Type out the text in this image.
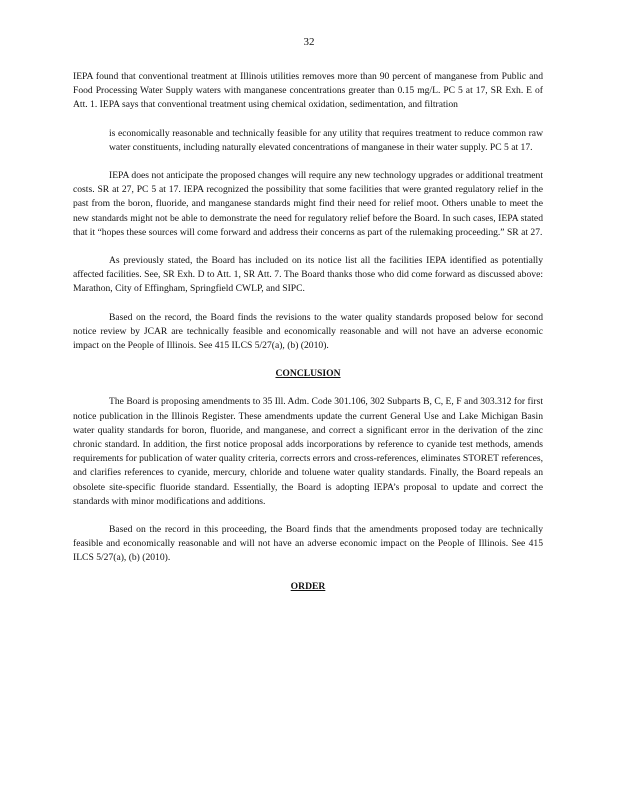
32

IEPA found that conventional treatment at Illinois utilities removes more than 90 percent of manganese from Public and Food Processing Water Supply waters with manganese concentrations greater than 0.15 mg/L. PC 5 at 17, SR Exh. E of Att. 1. IEPA says that conventional treatment using chemical oxidation, sedimentation, and filtration

is economically reasonable and technically feasible for any utility that requires treatment to reduce common raw water constituents, including naturally elevated concentrations of manganese in their water supply. PC 5 at 17.

IEPA does not anticipate the proposed changes will require any new technology upgrades or additional treatment costs. SR at 27, PC 5 at 17. IEPA recognized the possibility that some facilities that were granted regulatory relief in the past from the boron, fluoride, and manganese standards might find their need for relief moot. Others unable to meet the new standards might not be able to demonstrate the need for regulatory relief before the Board. In such cases, IEPA stated that it “hopes these sources will come forward and address their concerns as part of the rulemaking proceeding.” SR at 27.

As previously stated, the Board has included on its notice list all the facilities IEPA identified as potentially affected facilities. See, SR Exh. D to Att. 1, SR Att. 7. The Board thanks those who did come forward as discussed above: Marathon, City of Effingham, Springfield CWLP, and SIPC.

Based on the record, the Board finds the revisions to the water quality standards proposed below for second notice review by JCAR are technically feasible and economically reasonable and will not have an adverse economic impact on the People of Illinois. See 415 ILCS 5/27(a), (b) (2010).

CONCLUSION

The Board is proposing amendments to 35 Ill. Adm. Code 301.106, 302 Subparts B, C, E, F and 303.312 for first notice publication in the Illinois Register. These amendments update the current General Use and Lake Michigan Basin water quality standards for boron, fluoride, and manganese, and correct a significant error in the derivation of the zinc chronic standard. In addition, the first notice proposal adds incorporations by reference to cyanide test methods, amends requirements for publication of water quality criteria, corrects errors and cross-references, eliminates STORET references, and clarifies references to cyanide, mercury, chloride and toluene water quality standards. Finally, the Board repeals an obsolete site-specific fluoride standard. Essentially, the Board is adopting IEPA’s proposal to update and correct the standards with minor modifications and additions.

Based on the record in this proceeding, the Board finds that the amendments proposed today are technically feasible and economically reasonable and will not have an adverse economic impact on the People of Illinois. See 415 ILCS 5/27(a), (b) (2010).

ORDER
